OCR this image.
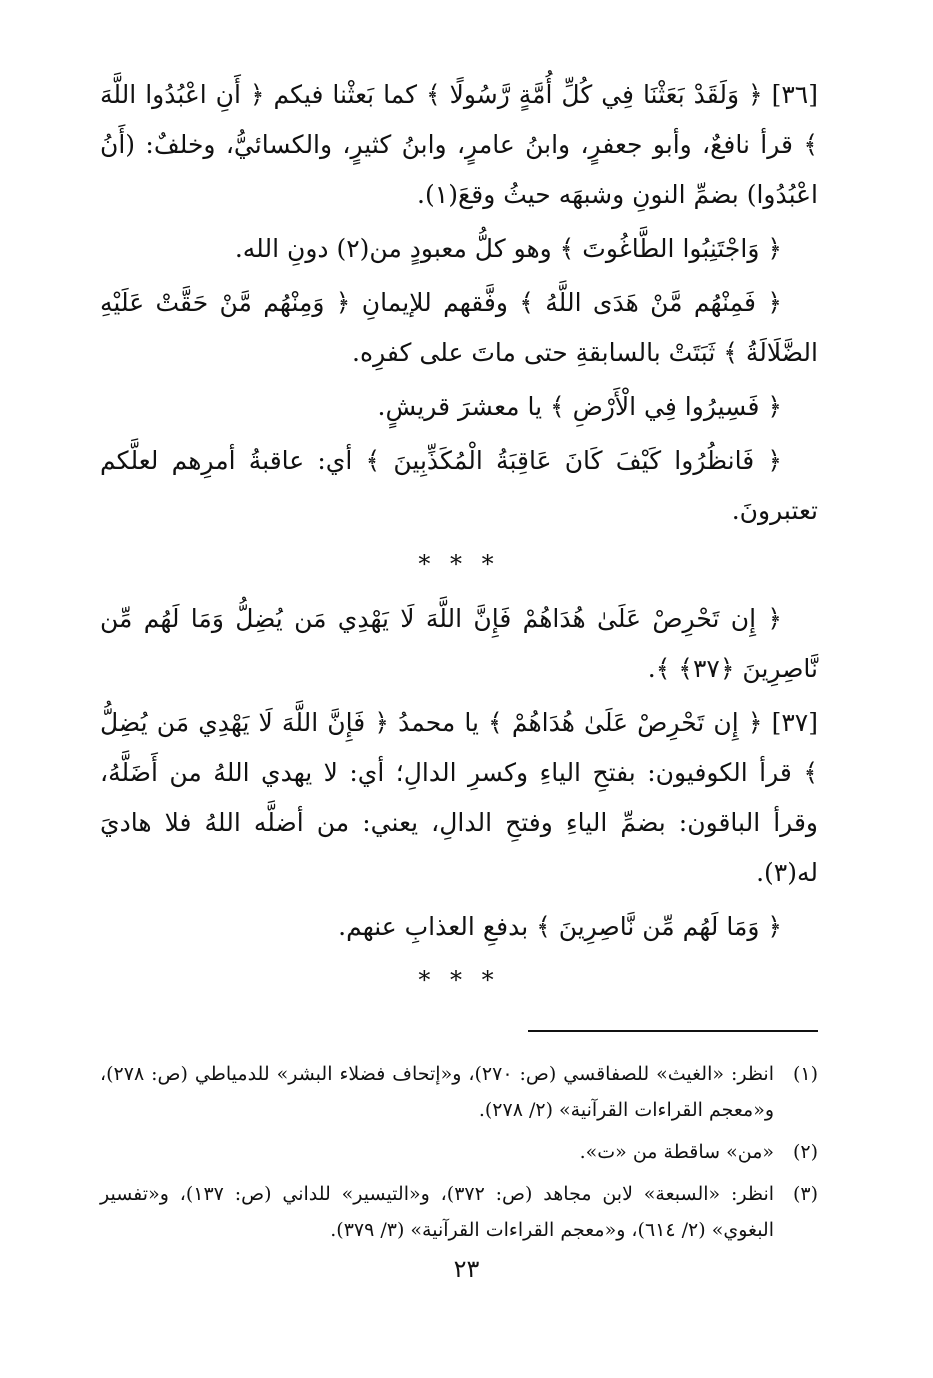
[٣٦] ﴿ وَلَقَدْ بَعَثْنَا فِي كُلِّ أُمَّةٍ رَّسُولًا ﴾ كما بَعثْنا فيكم ﴿ أَنِ اعْبُدُوا اللَّهَ ﴾ قرأ نافعٌ، وأبو جعفرٍ، وابنُ عامرٍ، وابنُ كثيرٍ، والكسائيُّ، وخلفٌ: (أَنُ اعْبُدُوا) بضمِّ النونِ وشبهَه حيثُ وقعَ(١).

﴿ وَاجْتَنِبُوا الطَّاغُوتَ ﴾ وهو كلُّ معبودٍ من(٢) دونِ الله.

﴿ فَمِنْهُم مَّنْ هَدَى اللَّهُ ﴾ وفَّقهم للإيمانِ ﴿ وَمِنْهُم مَّنْ حَقَّتْ عَلَيْهِ الضَّلَالَةُ ﴾ ثَبَتَتْ بالسابقةِ حتى ماتَ على كفرِه.

﴿ فَسِيرُوا فِي الْأَرْضِ ﴾ يا معشرَ قريشٍ.

﴿ فَانظُرُوا كَيْفَ كَانَ عَاقِبَةُ الْمُكَذِّبِينَ ﴾ أي: عاقبةُ أمرِهم لعلَّكم تعتبرونَ.

* * *

﴿ إِن تَحْرِصْ عَلَىٰ هُدَاهُمْ فَإِنَّ اللَّهَ لَا يَهْدِي مَن يُضِلُّ وَمَا لَهُم مِّن نَّاصِرِينَ ﴿٣٧﴾ ﴾.

[٣٧] ﴿ إِن تَحْرِصْ عَلَىٰ هُدَاهُمْ ﴾ يا محمدُ ﴿ فَإِنَّ اللَّهَ لَا يَهْدِي مَن يُضِلُّ ﴾ قرأ الكوفيون: بفتحِ الياءِ وكسرِ الدالِ؛ أي: لا يهدي اللهُ من أَضَلَّهُ، وقرأ الباقون: بضمِّ الياءِ وفتحِ الدالِ، يعني: من أضلَّه اللهُ فلا هاديَ له(٣).

﴿ وَمَا لَهُم مِّن نَّاصِرِينَ ﴾ بدفعِ العذابِ عنهم.

* * *
(١)
انظر: «الغيث» للصفاقسي (ص: ٢٧٠)، و«إتحاف فضلاء البشر» للدمياطي (ص: ٢٧٨)، و«معجم القراءات القرآنية» (٢/ ٢٧٨).
(٢)
«من» ساقطة من «ت».
(٣)
انظر: «السبعة» لابن مجاهد (ص: ٣٧٢)، و«التيسير» للداني (ص: ١٣٧)، و«تفسير البغوي» (٢/ ٦١٤)، و«معجم القراءات القرآنية» (٣/ ٣٧٩).
٢٣
